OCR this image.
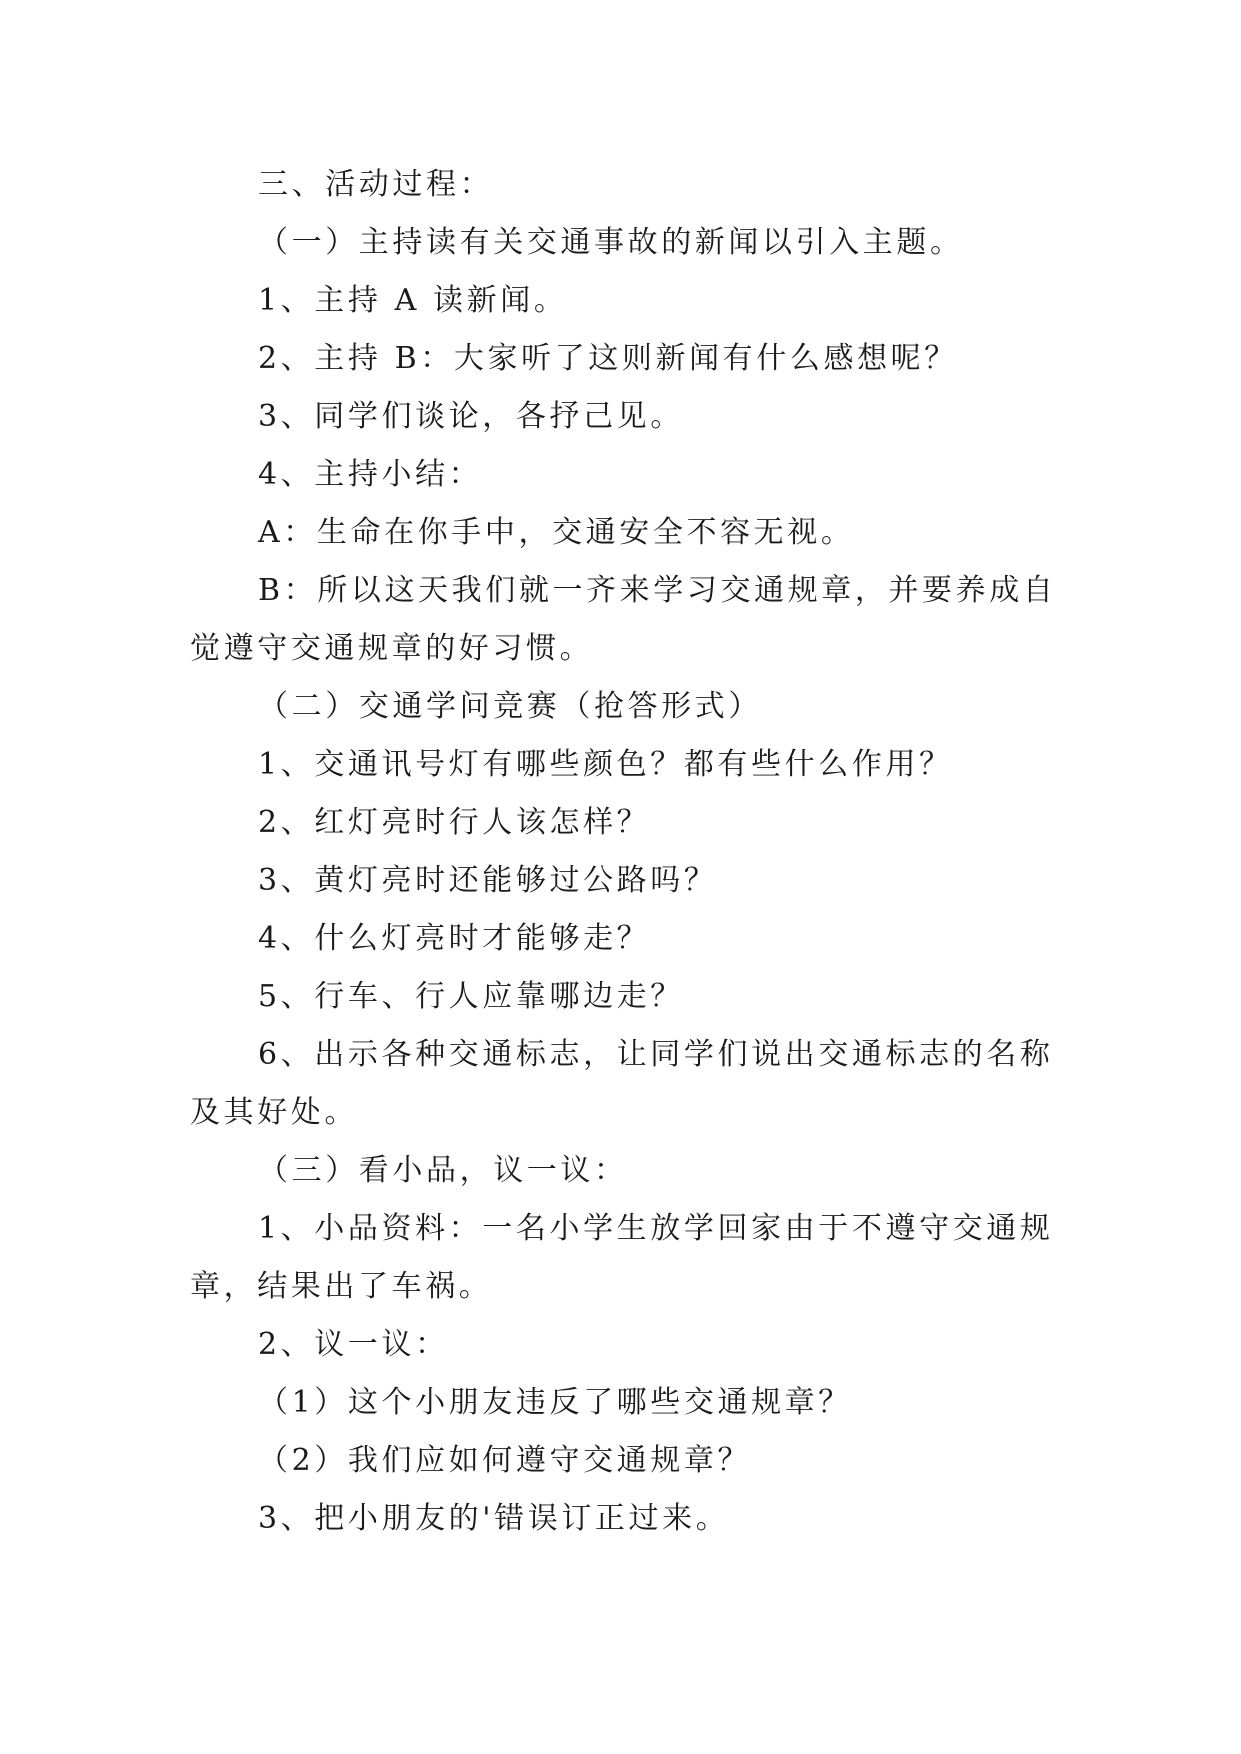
三、活动过程：
（一）主持读有关交通事故的新闻以引入主题。
1、主持 A 读新闻。
2、主持 B：大家听了这则新闻有什么感想呢？
3、同学们谈论，各抒己见。
4、主持小结：
A：生命在你手中，交通安全不容无视。
B：所以这天我们就一齐来学习交通规章，并要养成自
觉遵守交通规章的好习惯。
（二）交通学问竞赛（抢答形式）
1、交通讯号灯有哪些颜色？都有些什么作用？
2、红灯亮时行人该怎样？
3、黄灯亮时还能够过公路吗？
4、什么灯亮时才能够走？
5、行车、行人应靠哪边走？
6、出示各种交通标志，让同学们说出交通标志的名称
及其好处。
（三）看小品，议一议：
1、小品资料：一名小学生放学回家由于不遵守交通规
章，结果出了车祸。
2、议一议：
（1）这个小朋友违反了哪些交通规章？
（2）我们应如何遵守交通规章？
3、把小朋友的'错误订正过来。
